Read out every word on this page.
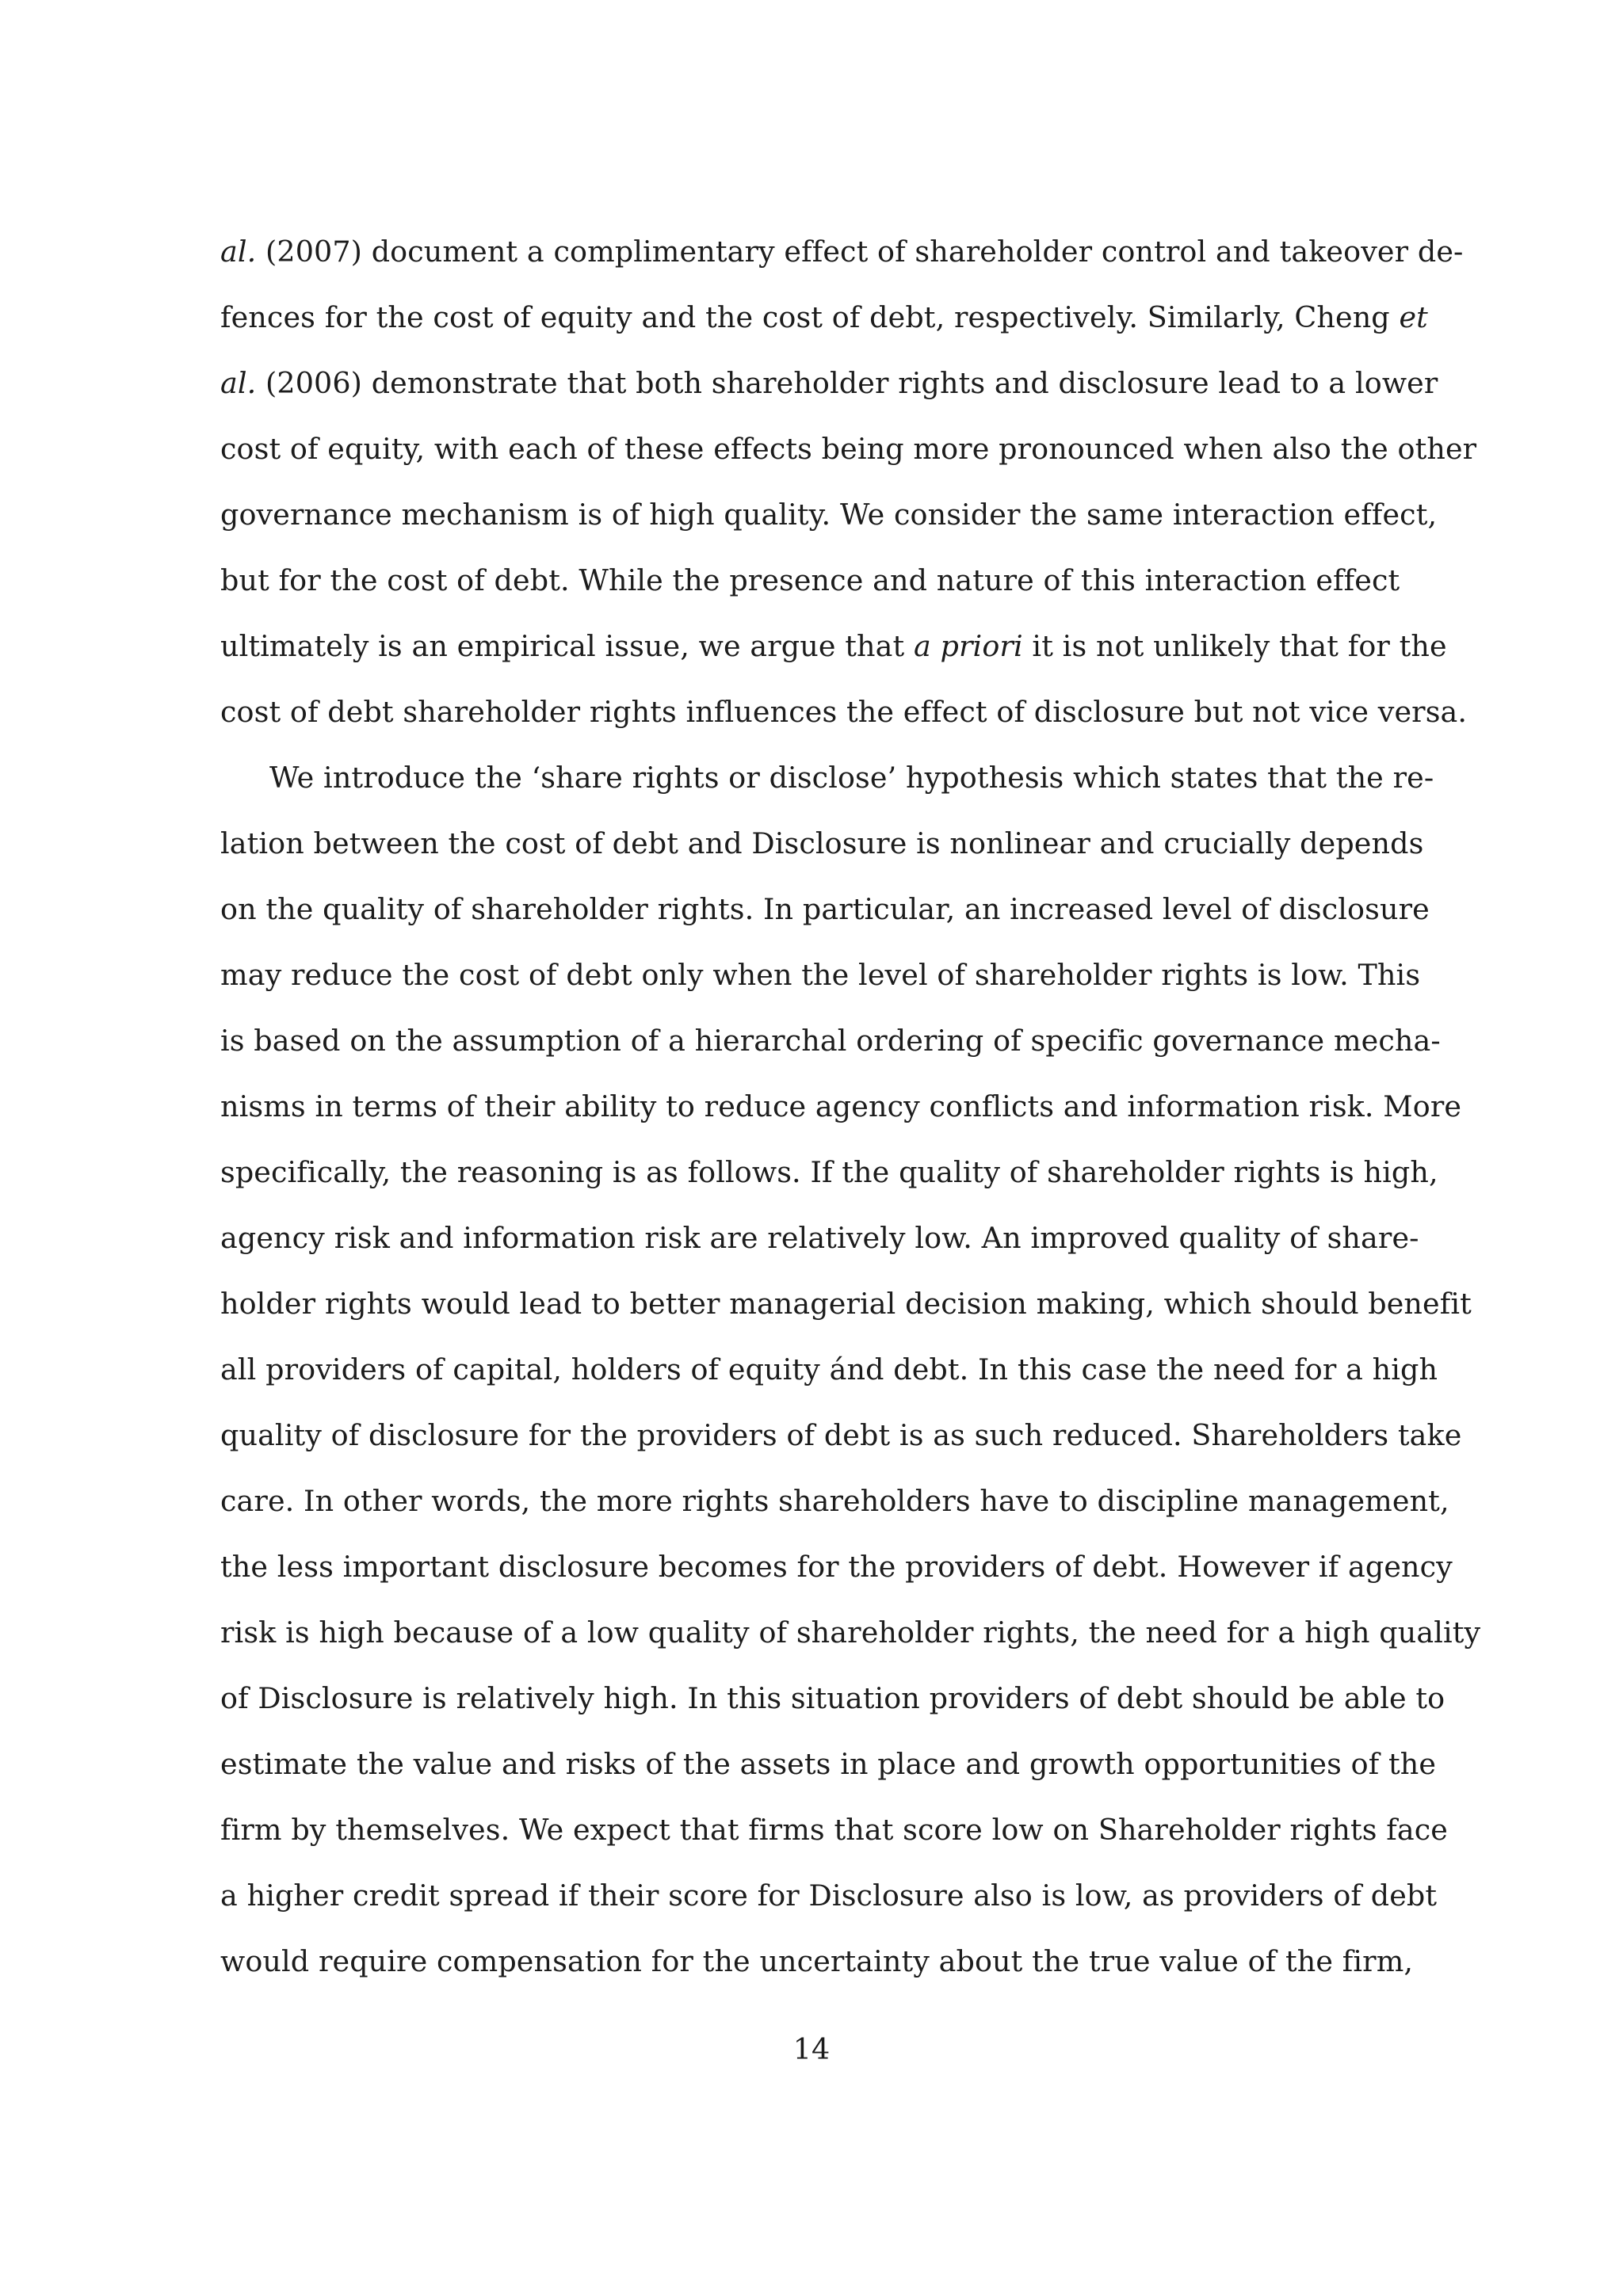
al. (2007) document a complimentary effect of shareholder control and takeover de-
fences for the cost of equity and the cost of debt, respectively. Similarly, Cheng et
al. (2006) demonstrate that both shareholder rights and disclosure lead to a lower
cost of equity, with each of these effects being more pronounced when also the other
governance mechanism is of high quality. We consider the same interaction effect,
but for the cost of debt. While the presence and nature of this interaction effect
ultimately is an empirical issue, we argue that a priori it is not unlikely that for the
cost of debt shareholder rights influences the effect of disclosure but not vice versa.
We introduce the ‘share rights or disclose’ hypothesis which states that the re-
lation between the cost of debt and Disclosure is nonlinear and crucially depends
on the quality of shareholder rights. In particular, an increased level of disclosure
may reduce the cost of debt only when the level of shareholder rights is low. This
is based on the assumption of a hierarchal ordering of specific governance mecha-
nisms in terms of their ability to reduce agency conflicts and information risk. More
specifically, the reasoning is as follows. If the quality of shareholder rights is high,
agency risk and information risk are relatively low. An improved quality of share-
holder rights would lead to better managerial decision making, which should benefit
all providers of capital, holders of equity ánd debt. In this case the need for a high
quality of disclosure for the providers of debt is as such reduced. Shareholders take
care. In other words, the more rights shareholders have to discipline management,
the less important disclosure becomes for the providers of debt. However if agency
risk is high because of a low quality of shareholder rights, the need for a high quality
of Disclosure is relatively high. In this situation providers of debt should be able to
estimate the value and risks of the assets in place and growth opportunities of the
firm by themselves. We expect that firms that score low on Shareholder rights face
a higher credit spread if their score for Disclosure also is low, as providers of debt
would require compensation for the uncertainty about the true value of the firm,
14
